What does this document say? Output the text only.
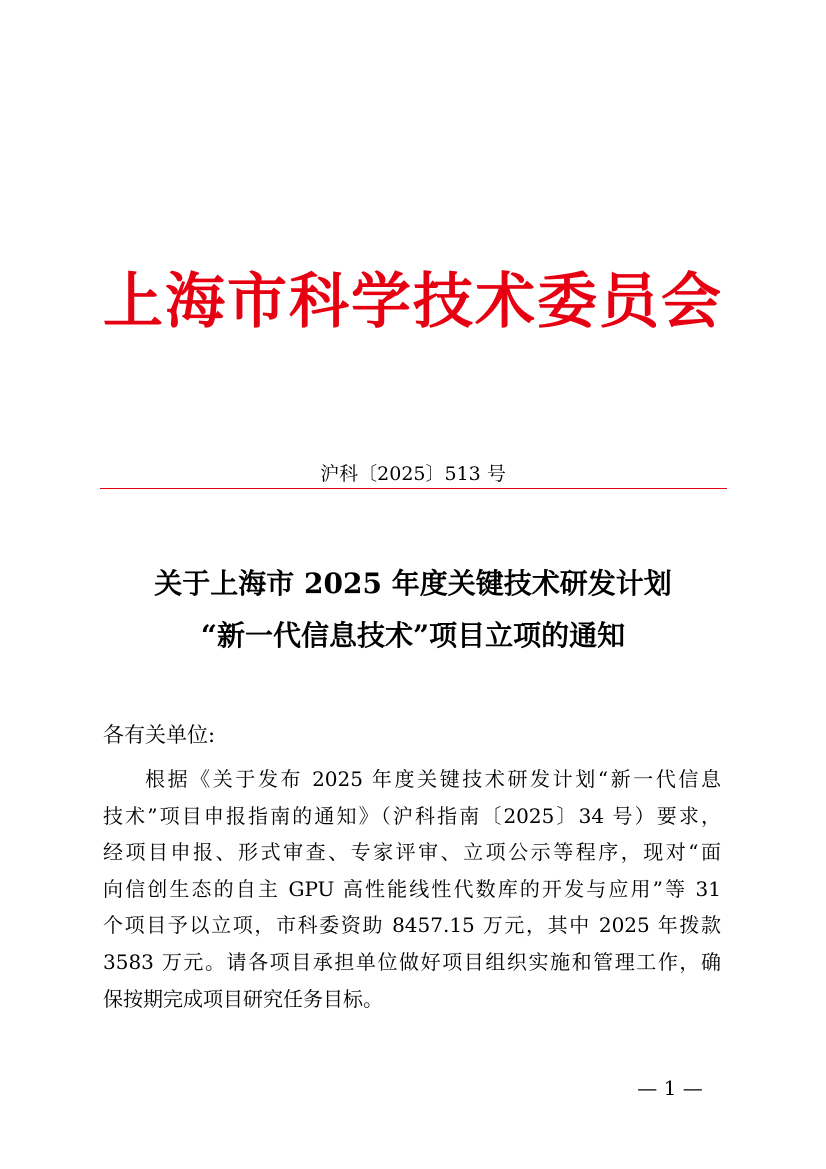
上海市科学技术委员会
沪科〔2025〕513 号
关于上海市 2025 年度关键技术研发计划
“新一代信息技术”项目立项的通知
各有关单位:
根据《关于发布 2025 年度关键技术研发计划“新一代信息
技术”项目申报指南的通知》（沪科指南〔2025〕34 号）要求，
经项目申报、形式审查、专家评审、立项公示等程序，现对“面
向信创生态的自主 GPU 高性能线性代数库的开发与应用”等 31
个项目予以立项，市科委资助 8457.15 万元，其中 2025 年拨款
3583 万元。请各项目承担单位做好项目组织实施和管理工作，确
保按期完成项目研究任务目标。
— 1 —
